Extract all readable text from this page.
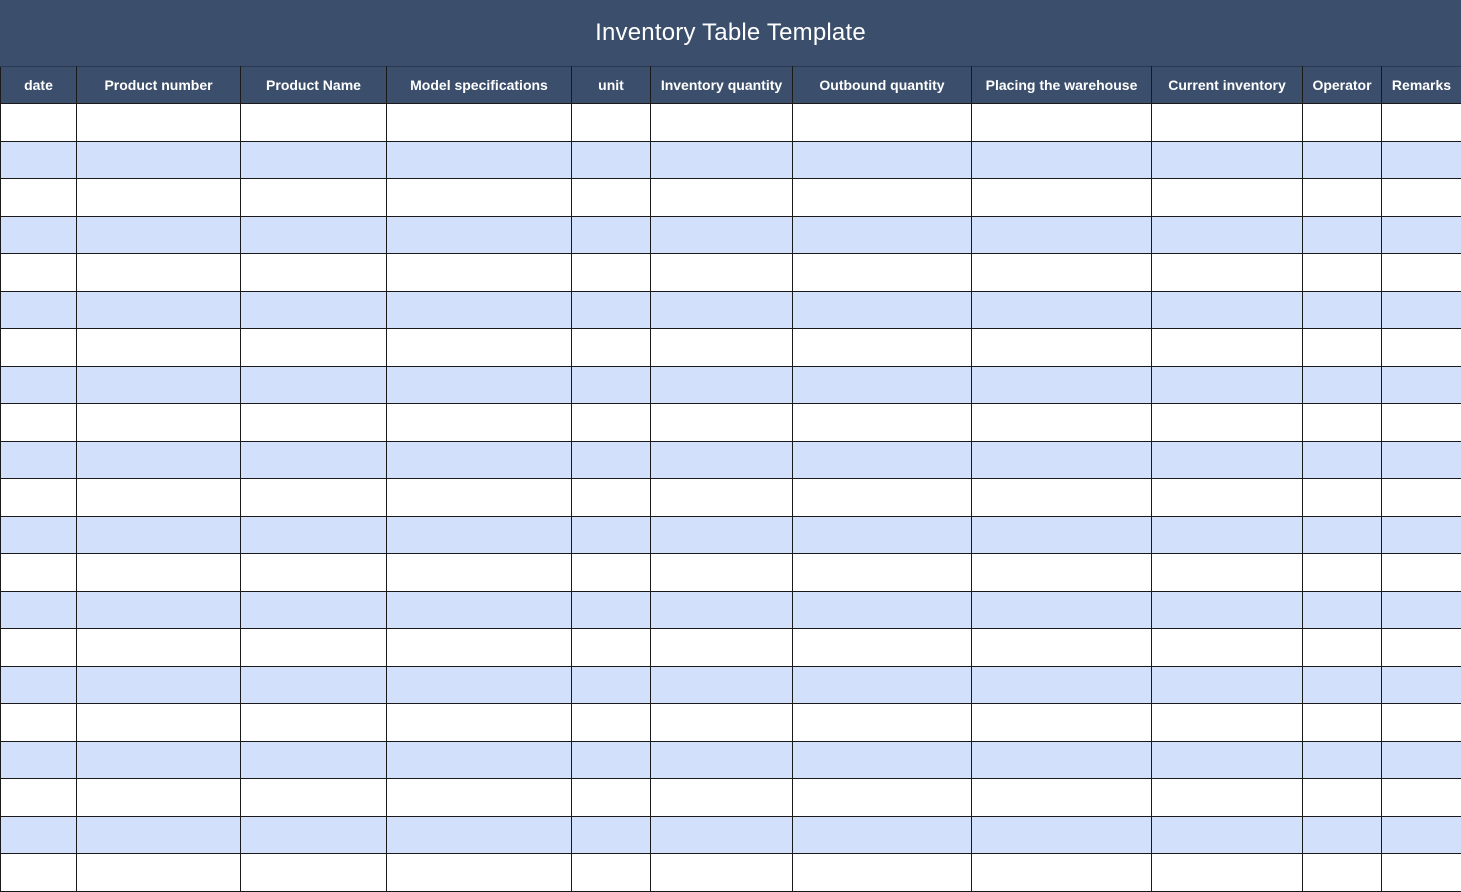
Inventory Table Template
date	Product number	Product Name	Model specifications	unit	Inventory quantity	Outbound quantity	Placing the warehouse	Current inventory	Operator	Remarks
